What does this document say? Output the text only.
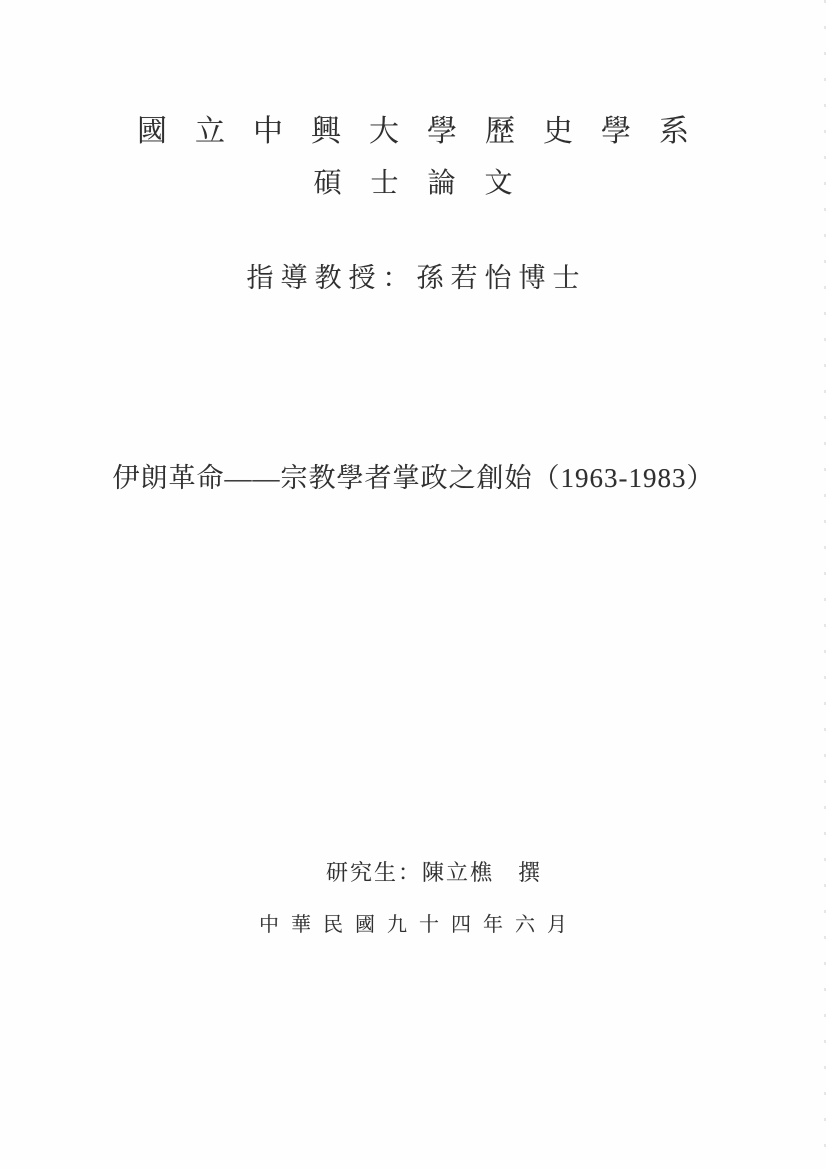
國立中興大學歷史學系
碩士論文
指導教授：孫若怡博士
伊朗革命——宗教學者掌政之創始（1963-1983）
研究生：陳立樵　撰
中華民國九十四年六月
